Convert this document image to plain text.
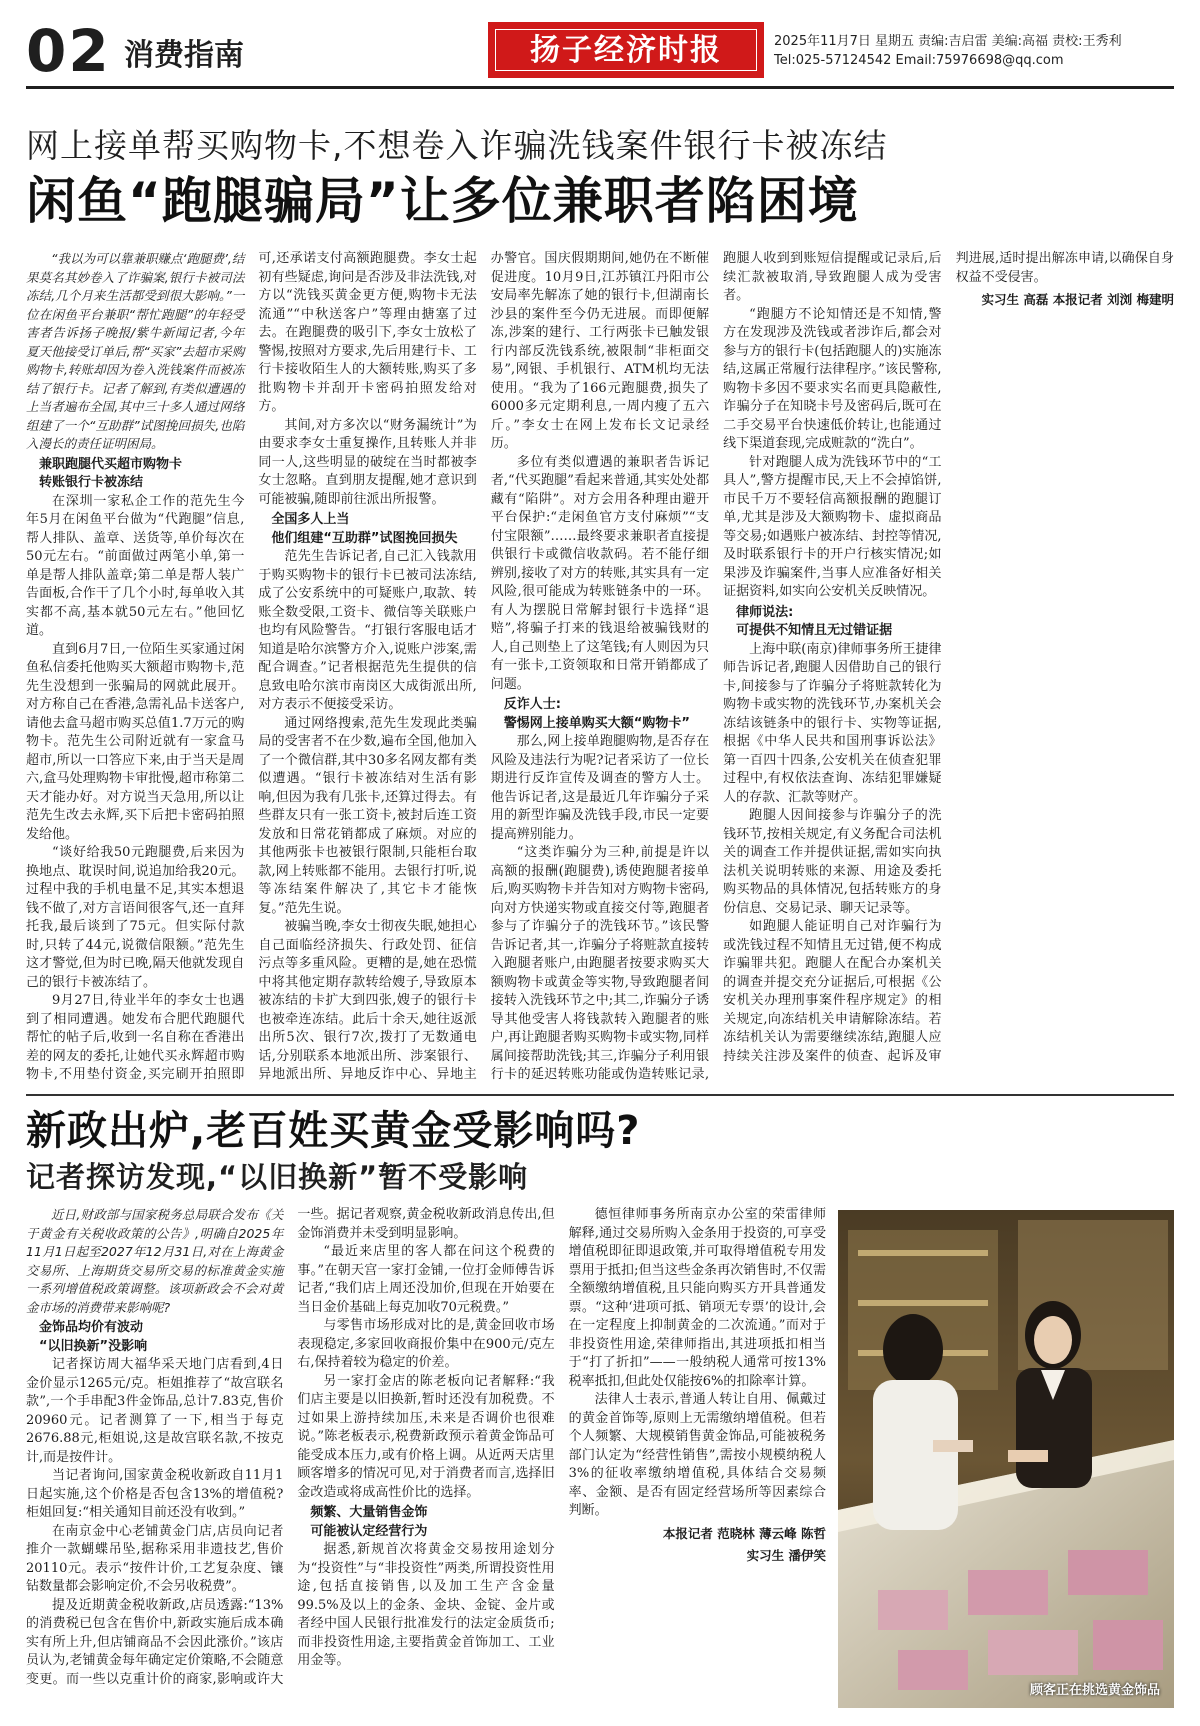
02 消费指南	扬子经济时报	2025年11月7日 星期五 责编:吉启雷 美编:高福 责校:王秀利
Tel:025-57124542 Email:75976698@qq.com
网上接单帮买购物卡,不想卷入诈骗洗钱案件银行卡被冻结
闲鱼“跑腿骗局”让多位兼职者陷困境

“我以为可以靠兼职赚点‘跑腿费’,结果莫名其妙卷入了诈骗案,银行卡被司法冻结,几个月来生活都受到很大影响。”一位在闲鱼平台兼职“帮忙跑腿”的年轻受害者告诉扬子晚报/紫牛新闻记者,今年夏天他接受订单后,帮“买家”去超市采购购物卡,转账却因为卷入洗钱案件而被冻结了银行卡。记者了解到,有类似遭遇的上当者遍布全国,其中三十多人通过网络组建了一个“互助群”试图挽回损失,也陷入漫长的责任证明困局。

兼职跑腿代买超市购物卡
转账银行卡被冻结

在深圳一家私企工作的范先生今年5月在闲鱼平台做为“代跑腿”信息,帮人排队、盖章、送货等,单价每次在50元左右。“前面做过两笔小单,第一单是帮人排队盖章;第二单是帮人装广告面板,合作干了几个小时,每单收入其实都不高,基本就50元左右。”他回忆道。

直到6月7日,一位陌生买家通过闲鱼私信委托他购买大额超市购物卡,范先生没想到一张骗局的网就此展开。对方称自己在香港,急需礼品卡送客户,请他去盒马超市购买总值1.7万元的购物卡。范先生公司附近就有一家盒马超市,所以一口答应下来,由于当天是周六,盒马处理购物卡审批慢,超市称第二天才能办好。对方说当天急用,所以让范先生改去永辉,买下后把卡密码拍照发给他。

“谈好给我50元跑腿费,后来因为换地点、耽误时间,说追加给我20元。过程中我的手机电量不足,其实本想退钱不做了,对方言语间很客气,还一直拜托我,最后谈到了75元。但实际付款时,只转了44元,说微信限额。”范先生这才警觉,但为时已晚,隔天他就发现自己的银行卡被冻结了。

9月27日,待业半年的李女士也遇到了相同遭遇。她发布合肥代跑腿代帮忙的帖子后,收到一名自称在香港出差的网友的委托,让她代买永辉超市购物卡,不用垫付资金,买完刷开拍照即可,还承诺支付高额跑腿费。李女士起初有些疑虑,询问是否涉及非法洗钱,对方以“洗钱买黄金更方便,购物卡无法流通”“中秋送客户”等理由搪塞了过去。在跑腿费的吸引下,李女士放松了警惕,按照对方要求,先后用建行卡、工行卡接收陌生人的大额转账,购买了多批购物卡并刮开卡密码拍照发给对方。

其间,对方多次以“财务漏统计”为由要求李女士重复操作,且转账人并非同一人,这些明显的破绽在当时都被李女士忽略。直到朋友提醒,她才意识到可能被骗,随即前往派出所报警。

全国多人上当
他们组建“互助群”试图挽回损失

范先生告诉记者,自己汇入钱款用于购买购物卡的银行卡已被司法冻结,成了公安系统中的可疑账户,取款、转账全数受限,工资卡、微信等关联账户也均有风险警告。“打银行客服电话才知道是哈尔滨警方介入,说账户涉案,需配合调查。”记者根据范先生提供的信息致电哈尔滨市南岗区大成街派出所,对方表示不便接受采访。

通过网络搜索,范先生发现此类骗局的受害者不在少数,遍布全国,他加入了一个微信群,其中30多名网友都有类似遭遇。“银行卡被冻结对生活有影响,但因为我有几张卡,还算过得去。有些群友只有一张工资卡,被封后连工资发放和日常花销都成了麻烦。对应的其他两张卡也被银行限制,只能柜台取款,网上转账都不能用。去银行打听,说等冻结案件解决了,其它卡才能恢复。”范先生说。

被骗当晚,李女士彻夜失眠,她担心自己面临经济损失、行政处罚、征信污点等多重风险。更糟的是,她在恐慌中将其他定期存款转给嫂子,导致原本被冻结的卡扩大到四张,嫂子的银行卡也被牵连冻结。此后十余天,她往返派出所5次、银行7次,拨打了无数通电话,分别联系本地派出所、涉案银行、异地派出所、异地反诈中心、异地主办警官。国庆假期期间,她仍在不断催促进度。10月9日,江苏镇江丹阳市公安局率先解冻了她的银行卡,但湖南长沙县的案件至今仍无进展。而即便解冻,涉案的建行、工行两张卡已触发银行内部反洗钱系统,被限制“非柜面交易”,网银、手机银行、ATM机均无法使用。“我为了166元跑腿费,损失了6000多元定期利息,一周内瘦了五六斤。”李女士在网上发布长文记录经历。

多位有类似遭遇的兼职者告诉记者,“代买跑腿”看起来普通,其实处处都藏有“陷阱”。对方会用各种理由避开平台保护:“走闲鱼官方支付麻烦”“支付宝限额”……最终要求兼职者直接提供银行卡或微信收款码。若不能仔细辨别,接收了对方的转账,其实具有一定风险,很可能成为转账链条中的一环。有人为摆脱日常解封银行卡选择“退赔”,将骗子打来的钱退给被骗钱财的人,自己则垫上了这笔钱;有人则因为只有一张卡,工资领取和日常开销都成了问题。

反诈人士:
警惕网上接单购买大额“购物卡”

那么,网上接单跑腿购物,是否存在风险及违法行为呢?记者采访了一位长期进行反诈宣传及调查的警方人士。他告诉记者,这是最近几年诈骗分子采用的新型诈骗及洗钱手段,市民一定要提高辨别能力。

“这类诈骗分为三种,前提是许以高额的报酬(跑腿费),诱使跑腿者接单后,购买购物卡并告知对方购物卡密码,向对方快递实物或直接交付等,跑腿者参与了诈骗分子的洗钱环节。”该民警告诉记者,其一,诈骗分子将赃款直接转入跑腿者账户,由跑腿者按要求购买大额购物卡或黄金等实物,导致跑腿者间接转入洗钱环节之中;其二,诈骗分子诱导其他受害人将钱款转入跑腿者的账户,再让跑腿者购买购物卡或实物,同样属间接帮助洗钱;其三,诈骗分子利用银行卡的延迟转账功能或伪造转账记录,跑腿人收到到账短信提醒或记录后,后续汇款被取消,导致跑腿人成为受害者。

“跑腿方不论知情还是不知情,警方在发现涉及洗钱或者涉诈后,都会对参与方的银行卡(包括跑腿人的)实施冻结,这属正常履行法律程序。”该民警称,购物卡多因不要求实名而更具隐蔽性,诈骗分子在知晓卡号及密码后,既可在二手交易平台快速低价转让,也能通过线下渠道套现,完成赃款的“洗白”。

针对跑腿人成为洗钱环节中的“工具人”,警方提醒市民,天上不会掉馅饼,市民千万不要轻信高额报酬的跑腿订单,尤其是涉及大额购物卡、虚拟商品等交易;如遇账户被冻结、封控等情况,及时联系银行卡的开户行核实情况;如果涉及诈骗案件,当事人应准备好相关证据资料,如实向公安机关反映情况。

律师说法:
可提供不知情且无过错证据

上海中联(南京)律师事务所王捷律师告诉记者,跑腿人因借助自己的银行卡,间接参与了诈骗分子将赃款转化为购物卡或实物的洗钱环节,办案机关会冻结该链条中的银行卡、实物等证据,根据《中华人民共和国刑事诉讼法》第一百四十四条,公安机关在侦查犯罪过程中,有权依法查询、冻结犯罪嫌疑人的存款、汇款等财产。

跑腿人因间接参与诈骗分子的洗钱环节,按相关规定,有义务配合司法机关的调查工作并提供证据,需如实向执法机关说明转账的来源、用途及委托购买物品的具体情况,包括转账方的身份信息、交易记录、聊天记录等。

如跑腿人能证明自己对诈骗行为或洗钱过程不知情且无过错,便不构成诈骗罪共犯。跑腿人在配合办案机关的调查并提交充分证据后,可根据《公安机关办理刑事案件程序规定》的相关规定,向冻结机关申请解除冻结。若冻结机关认为需要继续冻结,跑腿人应持续关注涉及案件的侦查、起诉及审判进展,适时提出解冻申请,以确保自身权益不受侵害。

实习生 高磊 本报记者 刘浏 梅建明

新政出炉,老百姓买黄金受影响吗?
记者探访发现,“以旧换新”暂不受影响

近日,财政部与国家税务总局联合发布《关于黄金有关税收政策的公告》,明确自2025年11月1日起至2027年12月31日,对在上海黄金交易所、上海期货交易所交易的标准黄金实施一系列增值税政策调整。该项新政会不会对黄金市场的消费带来影响呢?

金饰品均价有波动
“以旧换新”没影响

记者探访周大福华采天地门店看到,4日金价显示1265元/克。柜姐推荐了“故宫联名款”,一个手串配3件金饰品,总计7.83克,售价20960元。记者测算了一下,相当于每克2676.88元,柜姐说,这是故宫联名款,不按克计,而是按件计。

当记者询问,国家黄金税收新政自11月1日起实施,这个价格是否包含13%的增值税?柜姐回复:“相关通知目前还没有收到。”

在南京金中心老铺黄金门店,店员向记者推介一款蝴蝶吊坠,据称采用非遗技艺,售价20110元。表示“按件计价,工艺复杂度、镶钻数量都会影响定价,不会另收税费”。

提及近期黄金税收新政,店员透露:“13%的消费税已包含在售价中,新政实施后成本确实有所上升,但店铺商品不会因此涨价。”该店员认为,老铺黄金每年确定定价策略,不会随意变更。而一些以克重计价的商家,影响或许大一些。据记者观察,黄金税收新政消息传出,但金饰消费并未受到明显影响。

“最近来店里的客人都在问这个税费的事。”在朝天宫一家打金铺,一位打金师傅告诉记者,“我们店上周还没加价,但现在开始要在当日金价基础上每克加收70元税费。”

与零售市场形成对比的是,黄金回收市场表现稳定,多家回收商报价集中在900元/克左右,保持着较为稳定的价差。

另一家打金店的陈老板向记者解释:“我们店主要是以旧换新,暂时还没有加税费。不过如果上游持续加压,未来是否调价也很难说。”陈老板表示,税费新政预示着黄金饰品可能受成本压力,或有价格上调。从近两天店里顾客增多的情况可见,对于消费者而言,选择旧金改造或将成高性价比的选择。

频繁、大量销售金饰
可能被认定经营行为

据悉,新规首次将黄金交易按用途划分为“投资性”与“非投资性”两类,所谓投资性用途,包括直接销售,以及加工生产含金量99.5%及以上的金条、金块、金锭、金片或者经中国人民银行批准发行的法定金质货币;而非投资性用途,主要指黄金首饰加工、工业用金等。

德恒律师事务所南京办公室的荣雷律师解释,通过交易所购入金条用于投资的,可享受增值税即征即退政策,并可取得增值税专用发票用于抵扣;但当这些金条再次销售时,不仅需全额缴纳增值税,且只能向购买方开具普通发票。“这种‘进项可抵、销项无专票’的设计,会在一定程度上抑制黄金的二次流通。”而对于非投资性用途,荣律师指出,其进项抵扣相当于“打了折扣”——一般纳税人通常可按13%税率抵扣,但此处仅能按6%的扣除率计算。

法律人士表示,普通人转让自用、佩戴过的黄金首饰等,原则上无需缴纳增值税。但若个人频繁、大规模销售黄金饰品,可能被税务部门认定为“经营性销售”,需按小规模纳税人3%的征收率缴纳增值税,具体结合交易频率、金额、是否有固定经营场所等因素综合判断。

本报记者 范晓林 薄云峰 陈哲

实习生 潘伊笑

顾客正在挑选黄金饰品
